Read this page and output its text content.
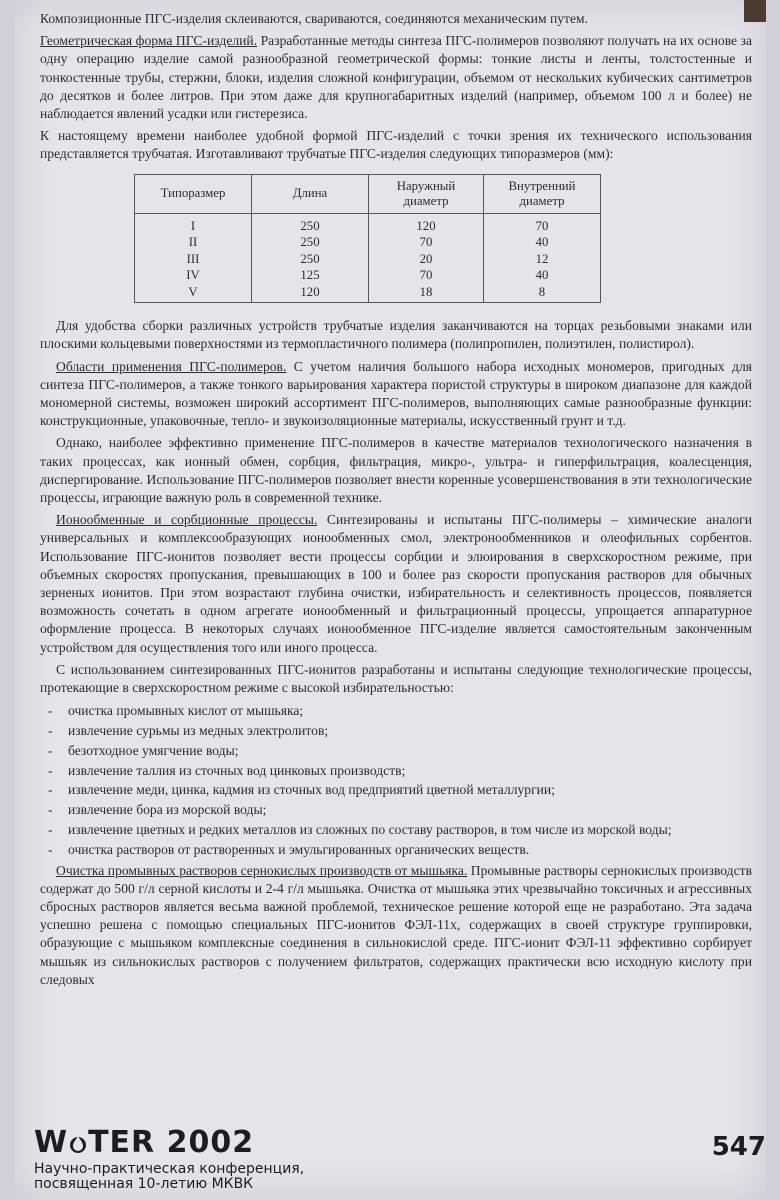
Композиционные ПГС-изделия склеиваются, свариваются, соединяются механическим путем.

Геометрическая форма ПГС-изделий. Разработанные методы синтеза ПГС-полимеров позволяют получать на их основе за одну операцию изделие самой разнообразной геометрической формы: тонкие листы и ленты, толстостенные и тонкостенные трубы, стержни, блоки, изделия сложной конфигурации, объемом от нескольких кубических сантиметров до десятков и более литров. При этом даже для крупногабаритных изделий (например, объемом 100 л и более) не наблюдается явлений усадки или гистерезиса.

К настоящему времени наиболее удобной формой ПГС-изделий с точки зрения их технического использования представляется трубчатая. Изготавливают трубчатые ПГС-изделия следующих типоразмеров (мм):

Типоразмер	Длина	Наружный диаметр	Внутренний диаметр
I	250	120	70
II	250	70	40
III	250	20	12
IV	125	70	40
V	120	18	8

Для удобства сборки различных устройств трубчатые изделия заканчиваются на торцах резьбовыми знаками или плоскими кольцевыми поверхностями из термопластичного полимера (полипропилен, полиэтилен, полистирол).

Области применения ПГС-полимеров. С учетом наличия большого набора исходных мономеров, пригодных для синтеза ПГС-полимеров, а также тонкого варьирования характера пористой структуры в широком диапазоне для каждой мономерной системы, возможен широкий ассортимент ПГС-полимеров, выполняющих самые разнообразные функции: конструкционные, упаковочные, тепло- и звукоизоляционные материалы, искусственный грунт и т.д.

Однако, наиболее эффективно применение ПГС-полимеров в качестве материалов технологического назначения в таких процессах, как ионный обмен, сорбция, фильтрация, микро-, ультра- и гиперфильтрация, коалесценция, диспергирование. Использование ПГС-полимеров позволяет внести коренные усовершенствования в эти технологические процессы, играющие важную роль в современной технике.

Ионообменные и сорбционные процессы. Синтезированы и испытаны ПГС-полимеры – химические аналоги универсальных и комплексообразующих ионообменных смол, электронообменников и олеофильных сорбентов. Использование ПГС-ионитов позволяет вести процессы сорбции и элюирования в сверхскоростном режиме, при объемных скоростях пропускания, превышающих в 100 и более раз скорости пропускания растворов для обычных зерненых ионитов. При этом возрастают глубина очистки, избирательность и селективность процессов, появляется возможность сочетать в одном агрегате ионообменный и фильтрационный процессы, упрощается аппаратурное оформление процесса. В некоторых случаях ионообменное ПГС-изделие является самостоятельным законченным устройством для осуществления того или иного процесса.

С использованием синтезированных ПГС-ионитов разработаны и испытаны следующие технологические процессы, протекающие в сверхскоростном режиме с высокой избирательностью:

- очистка промывных кислот от мышьяка;
- извлечение сурьмы из медных электролитов;
- безотходное умягчение воды;
- извлечение таллия из сточных вод цинковых производств;
- извлечение меди, цинка, кадмия из сточных вод предприятий цветной металлургии;
- извлечение бора из морской воды;
- извлечение цветных и редких металлов из сложных по составу растворов, в том числе из морской воды;
- очистка растворов от растворенных и эмульгированных органических веществ.

Очистка промывных растворов сернокислых производств от мышьяка. Промывные растворы сернокислых производств содержат до 500 г/л серной кислоты и 2-4 г/л мышьяка. Очистка от мышьяка этих чрезвычайно токсичных и агрессивных сбросных растворов является весьма важной проблемой, техническое решение которой еще не разработано. Эта задача успешно решена с помощью специальных ПГС-ионитов ФЭЛ-11х, содержащих в своей структуре группировки, образующие с мышьяком комплексные соединения в сильнокислой среде. ПГС-ионит ФЭЛ-11 эффективно сорбирует мышьяк из сильнокислых растворов с получением фильтратов, содержащих практически всю исходную кислоту при следовых

W TER 2002
Научно-практическая конференция,
посвященная 10-летию МКВК
547
